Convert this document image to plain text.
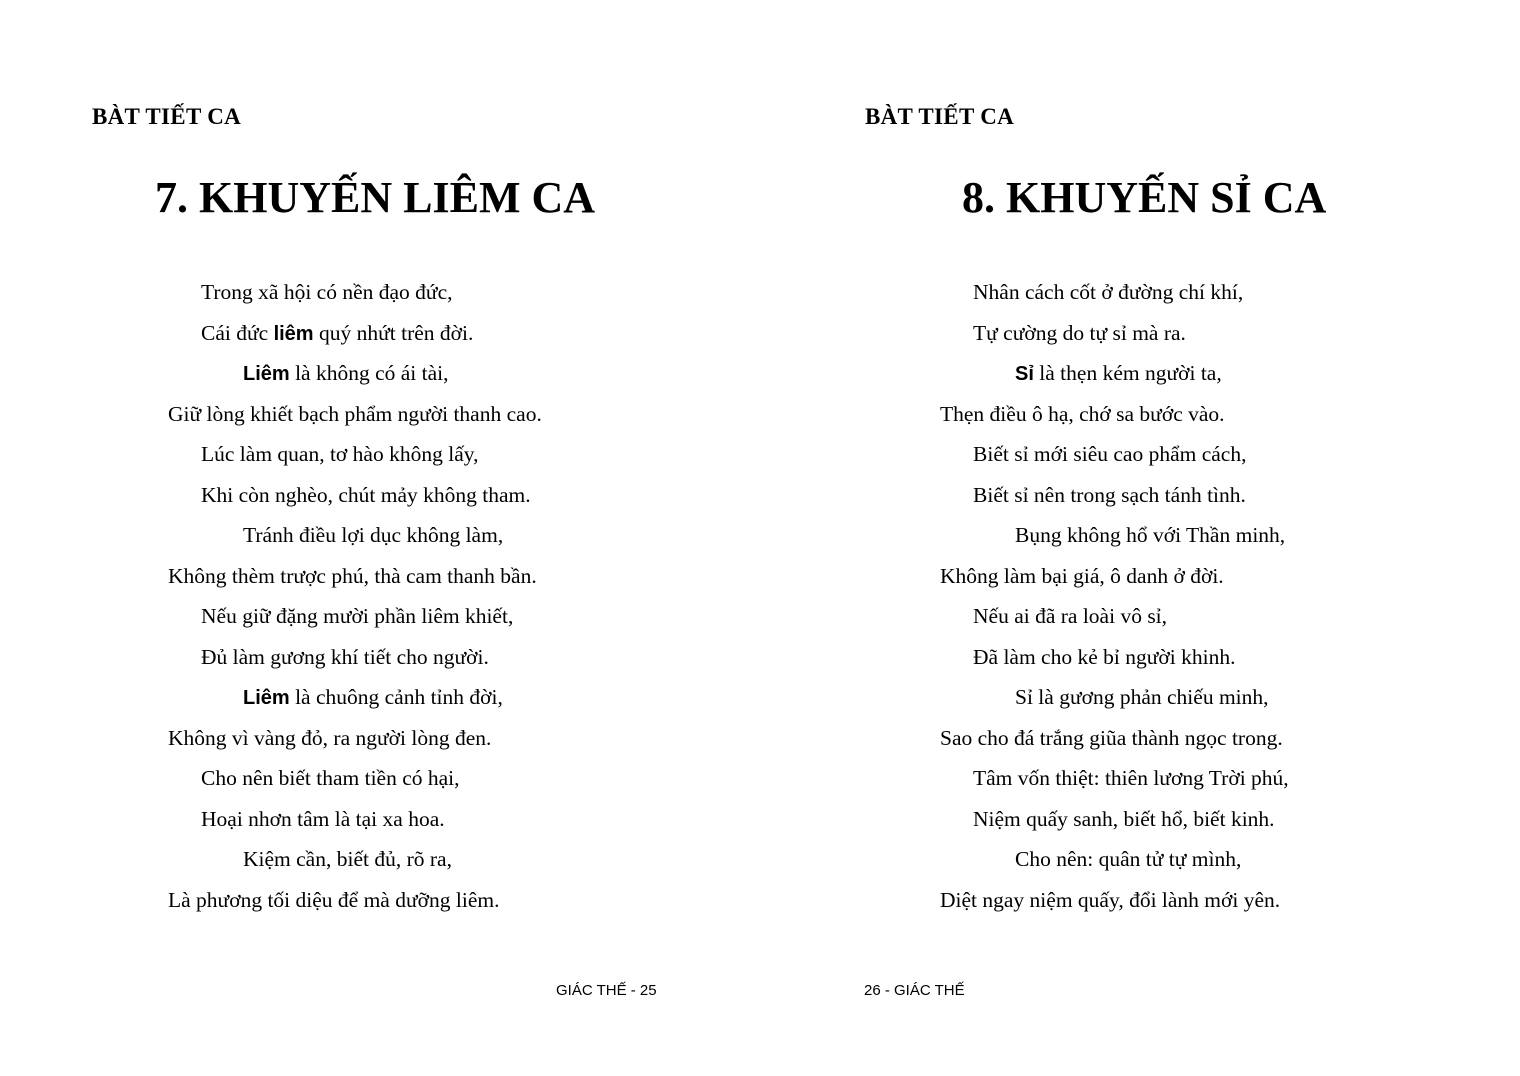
BÀT TIẾT CA
7. KHUYẾN LIÊM CA
Trong xã hội có nền đạo đức,
Cái đức liêm quý nhứt trên đời.
Liêm là không có ái tài,
Giữ lòng khiết bạch phẩm người thanh cao.
Lúc làm quan, tơ hào không lấy,
Khi còn nghèo, chút mảy không tham.
Tránh điều lợi dục không làm,
Không thèm trược phú, thà cam thanh bần.
Nếu giữ đặng mười phần liêm khiết,
Đủ làm gương khí tiết cho người.
Liêm là chuông cảnh tỉnh đời,
Không vì vàng đỏ, ra người lòng đen.
Cho nên biết tham tiền có hại,
Hoại nhơn tâm là tại xa hoa.
Kiệm cần, biết đủ, rõ ra,
Là phương tối diệu để mà dưỡng liêm.
GIÁC THẾ - 25
BÀT TIẾT CA
8. KHUYẾN SỈ CA
Nhân cách cốt ở đường chí khí,
Tự cường do tự sỉ mà ra.
Sỉ là thẹn kém người ta,
Thẹn điều ô hạ, chớ sa bước vào.
Biết sỉ mới siêu cao phẩm cách,
Biết sỉ nên trong sạch tánh tình.
Bụng không hổ với Thần minh,
Không làm bại giá, ô danh ở đời.
Nếu ai đã ra loài vô sỉ,
Đã làm cho kẻ bỉ người khinh.
Sỉ là gương phản chiếu minh,
Sao cho đá trắng giũa thành ngọc trong.
Tâm vốn thiệt: thiên lương Trời phú,
Niệm quấy sanh, biết hổ, biết kinh.
Cho nên: quân tử tự mình,
Diệt ngay niệm quấy, đổi lành mới yên.
26 - GIÁC THẾ
